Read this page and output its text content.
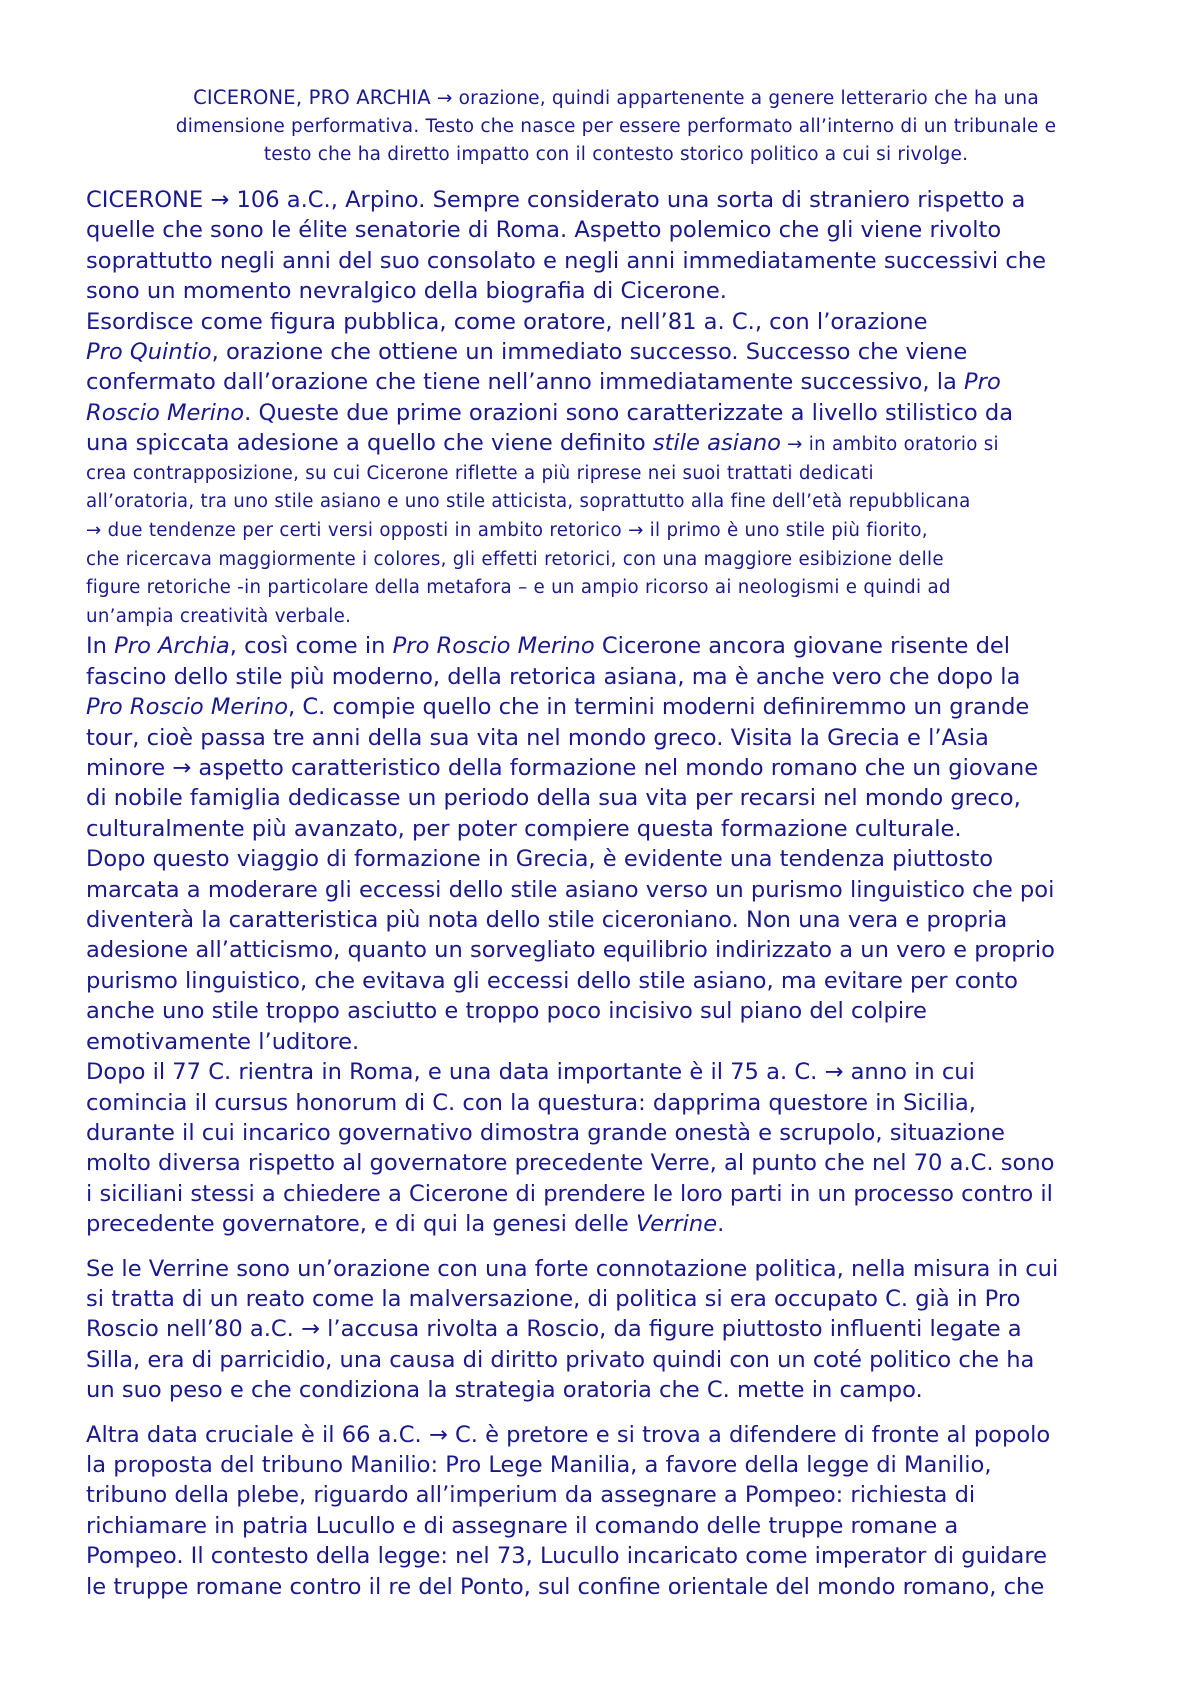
CICERONE, PRO ARCHIA → orazione, quindi appartenente a genere letterario che ha una
dimensione performativa. Testo che nasce per essere performato all’interno di un tribunale e
testo che ha diretto impatto con il contesto storico politico a cui si rivolge.
CICERONE → 106 a.C., Arpino. Sempre considerato una sorta di straniero rispetto a
quelle che sono le élite senatorie di Roma. Aspetto polemico che gli viene rivolto
soprattutto negli anni del suo consolato e negli anni immediatamente successivi che
sono un momento nevralgico della biografia di Cicerone.
Esordisce come figura pubblica, come oratore, nell’81 a. C., con l’orazione
Pro Quintio, orazione che ottiene un immediato successo. Successo che viene
confermato dall’orazione che tiene nell’anno immediatamente successivo, la Pro
Roscio Merino. Queste due prime orazioni sono caratterizzate a livello stilistico da
una spiccata adesione a quello che viene definito stile asiano → in ambito oratorio si
crea contrapposizione, su cui Cicerone riflette a più riprese nei suoi trattati dedicati
all’oratoria, tra uno stile asiano e uno stile atticista, soprattutto alla fine dell’età repubblicana
→ due tendenze per certi versi opposti in ambito retorico → il primo è uno stile più fiorito,
che ricercava maggiormente i colores, gli effetti retorici, con una maggiore esibizione delle
figure retoriche -in particolare della metafora – e un ampio ricorso ai neologismi e quindi ad
un’ampia creatività verbale.
In Pro Archia, così come in Pro Roscio Merino Cicerone ancora giovane risente del
fascino dello stile più moderno, della retorica asiana, ma è anche vero che dopo la
Pro Roscio Merino, C. compie quello che in termini moderni definiremmo un grande
tour, cioè passa tre anni della sua vita nel mondo greco. Visita la Grecia e l’Asia
minore → aspetto caratteristico della formazione nel mondo romano che un giovane
di nobile famiglia dedicasse un periodo della sua vita per recarsi nel mondo greco,
culturalmente più avanzato, per poter compiere questa formazione culturale.
Dopo questo viaggio di formazione in Grecia, è evidente una tendenza piuttosto
marcata a moderare gli eccessi dello stile asiano verso un purismo linguistico che poi
diventerà la caratteristica più nota dello stile ciceroniano. Non una vera e propria
adesione all’atticismo, quanto un sorvegliato equilibrio indirizzato a un vero e proprio
purismo linguistico, che evitava gli eccessi dello stile asiano, ma evitare per conto
anche uno stile troppo asciutto e troppo poco incisivo sul piano del colpire
emotivamente l’uditore.
Dopo il 77 C. rientra in Roma, e una data importante è il 75 a. C. → anno in cui
comincia il cursus honorum di C. con la questura: dapprima questore in Sicilia,
durante il cui incarico governativo dimostra grande onestà e scrupolo, situazione
molto diversa rispetto al governatore precedente Verre, al punto che nel 70 a.C. sono
i siciliani stessi a chiedere a Cicerone di prendere le loro parti in un processo contro il
precedente governatore, e di qui la genesi delle Verrine.
Se le Verrine sono un’orazione con una forte connotazione politica, nella misura in cui
si tratta di un reato come la malversazione, di politica si era occupato C. già in Pro
Roscio nell’80 a.C. → l’accusa rivolta a Roscio, da figure piuttosto influenti legate a
Silla, era di parricidio, una causa di diritto privato quindi con un coté politico che ha
un suo peso e che condiziona la strategia oratoria che C. mette in campo.
Altra data cruciale è il 66 a.C. → C. è pretore e si trova a difendere di fronte al popolo
la proposta del tribuno Manilio: Pro Lege Manilia, a favore della legge di Manilio,
tribuno della plebe, riguardo all’imperium da assegnare a Pompeo: richiesta di
richiamare in patria Lucullo e di assegnare il comando delle truppe romane a
Pompeo. Il contesto della legge: nel 73, Lucullo incaricato come imperator di guidare
le truppe romane contro il re del Ponto, sul confine orientale del mondo romano, che
